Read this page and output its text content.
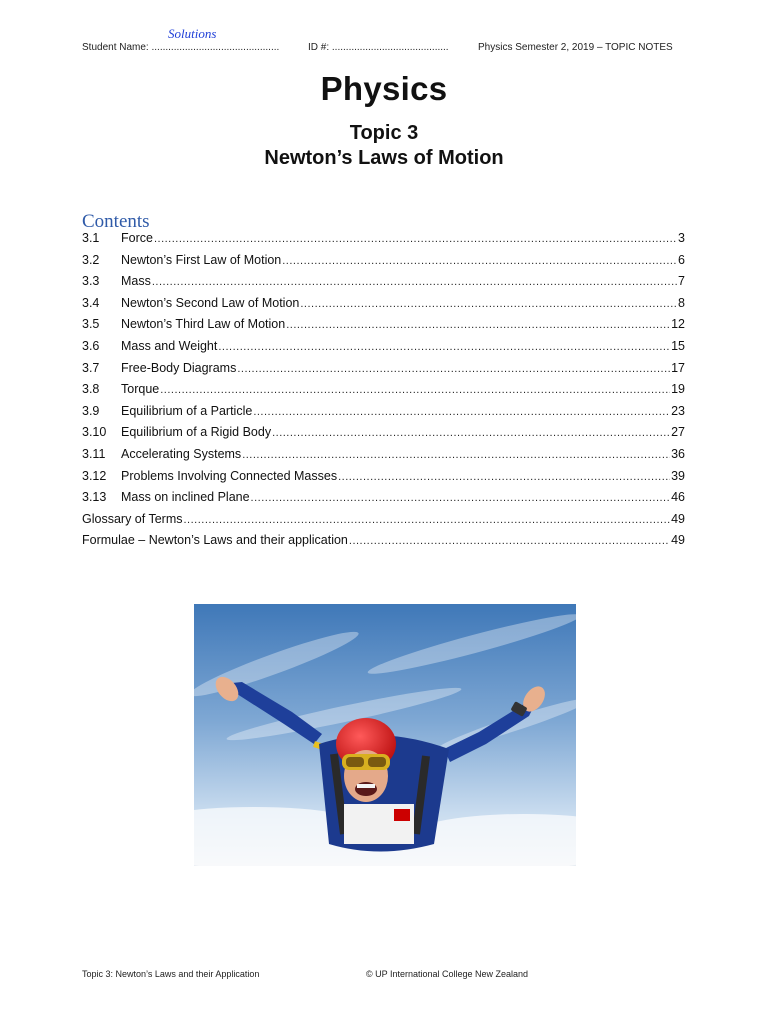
Solutions
Student Name: ..............................................	ID #: ..........................................	Physics Semester 2, 2019 – TOPIC NOTES
Physics
Topic 3
Newton’s Laws of Motion
Contents
3.1	Force .....	3
3.2	Newton’s First Law of Motion .....	6
3.3	Mass .....	7
3.4	Newton’s Second Law of Motion .....	8
3.5	Newton’s Third Law of Motion .....	12
3.6	Mass and Weight .....	15
3.7	Free-Body Diagrams .....	17
3.8	Torque .....	19
3.9	Equilibrium of a Particle .....	23
3.10	Equilibrium of a Rigid Body .....	27
3.11	Accelerating Systems .....	36
3.12	Problems Involving Connected Masses .....	39
3.13	Mass on inclined Plane .....	46
Glossary of Terms .....	49
Formulae – Newton’s Laws and their application .....	49
Topic 3: Newton’s Laws and their Application	© UP International College New Zealand
